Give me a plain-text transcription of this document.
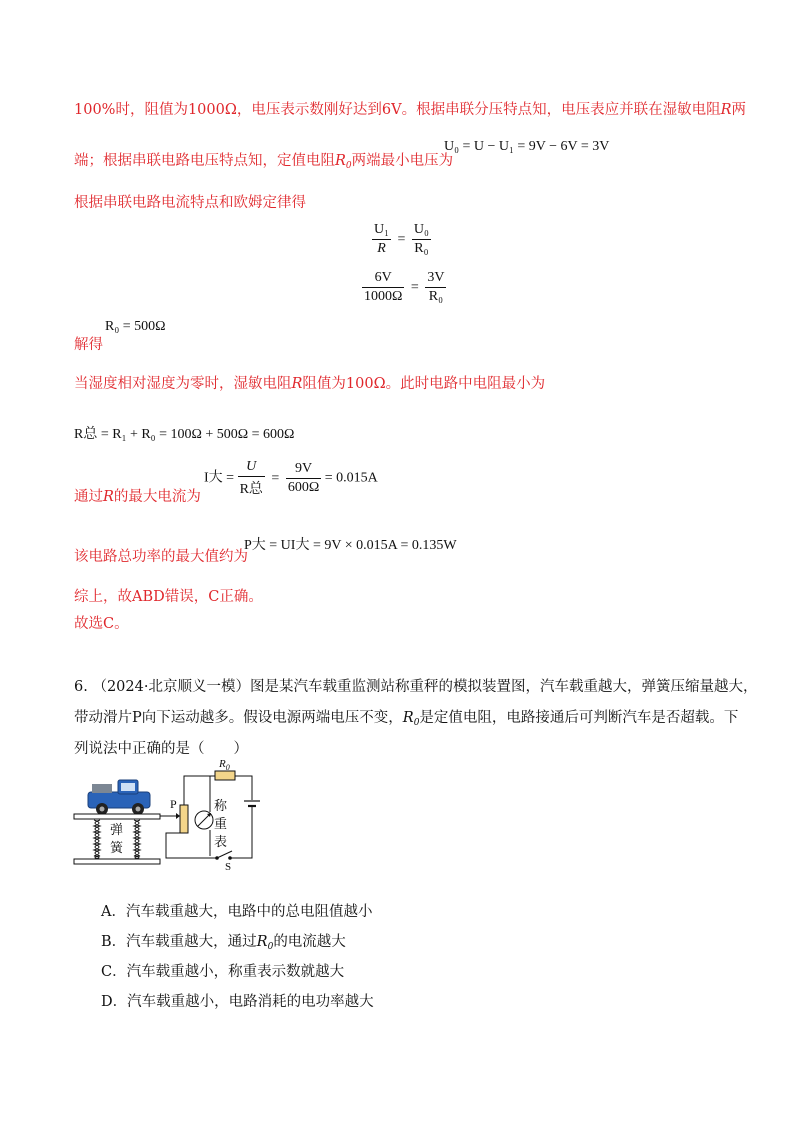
100%时，阻值为1000Ω，电压表示数刚好达到6V。根据串联分压特点知，电压表应并联在湿敏电阻R两
端；根据串联电路电压特点知，定值电阻$R_0$两端最小电压为
U₀ = U − U₁ = 9V − 6V = 3V
根据串联电路电流特点和欧姆定律得
$\frac{\text{U₁}}{R} = \frac{\text{U₀}}{\text{R₀}}$
$\frac{6V}{1000\Omega} = \frac{3V}{\text{R₀}}$
R₀ = 500Ω
解得
当湿度相对湿度为零时，湿敏电阻R阻值为100Ω。此时电路中电阻最小为
R总 = R₁ + R₀ = 100Ω + 500Ω = 600Ω
I大 = $\frac{U}{\text{R总}} = \frac{9V}{600\Omega} = 0.015A$
通过R的最大电流为
P大 = UI大 = 9V × 0.015A = 0.135W
该电路总功率的最大值约为
综上，故ABD错误，C正确。
故选C。
6. （2024·北京顺义一模）图是某汽车载重监测站称重秤的模拟装置图，汽车载重越大，弹簧压缩量越大，
带动滑片P向下运动越多。假设电源两端电压不变，$R_0$是定值电阻，电路接通后可判断汽车是否超载。下
列说法中正确的是（　　）
弹
簧
P
$R_0$
称
重
表
S
A．汽车载重越大，电路中的总电阻值越小
B．汽车载重越大，通过$R_0$的电流越大
C．汽车载重越小，称重表示数就越大
D．汽车载重越小，电路消耗的电功率越大
